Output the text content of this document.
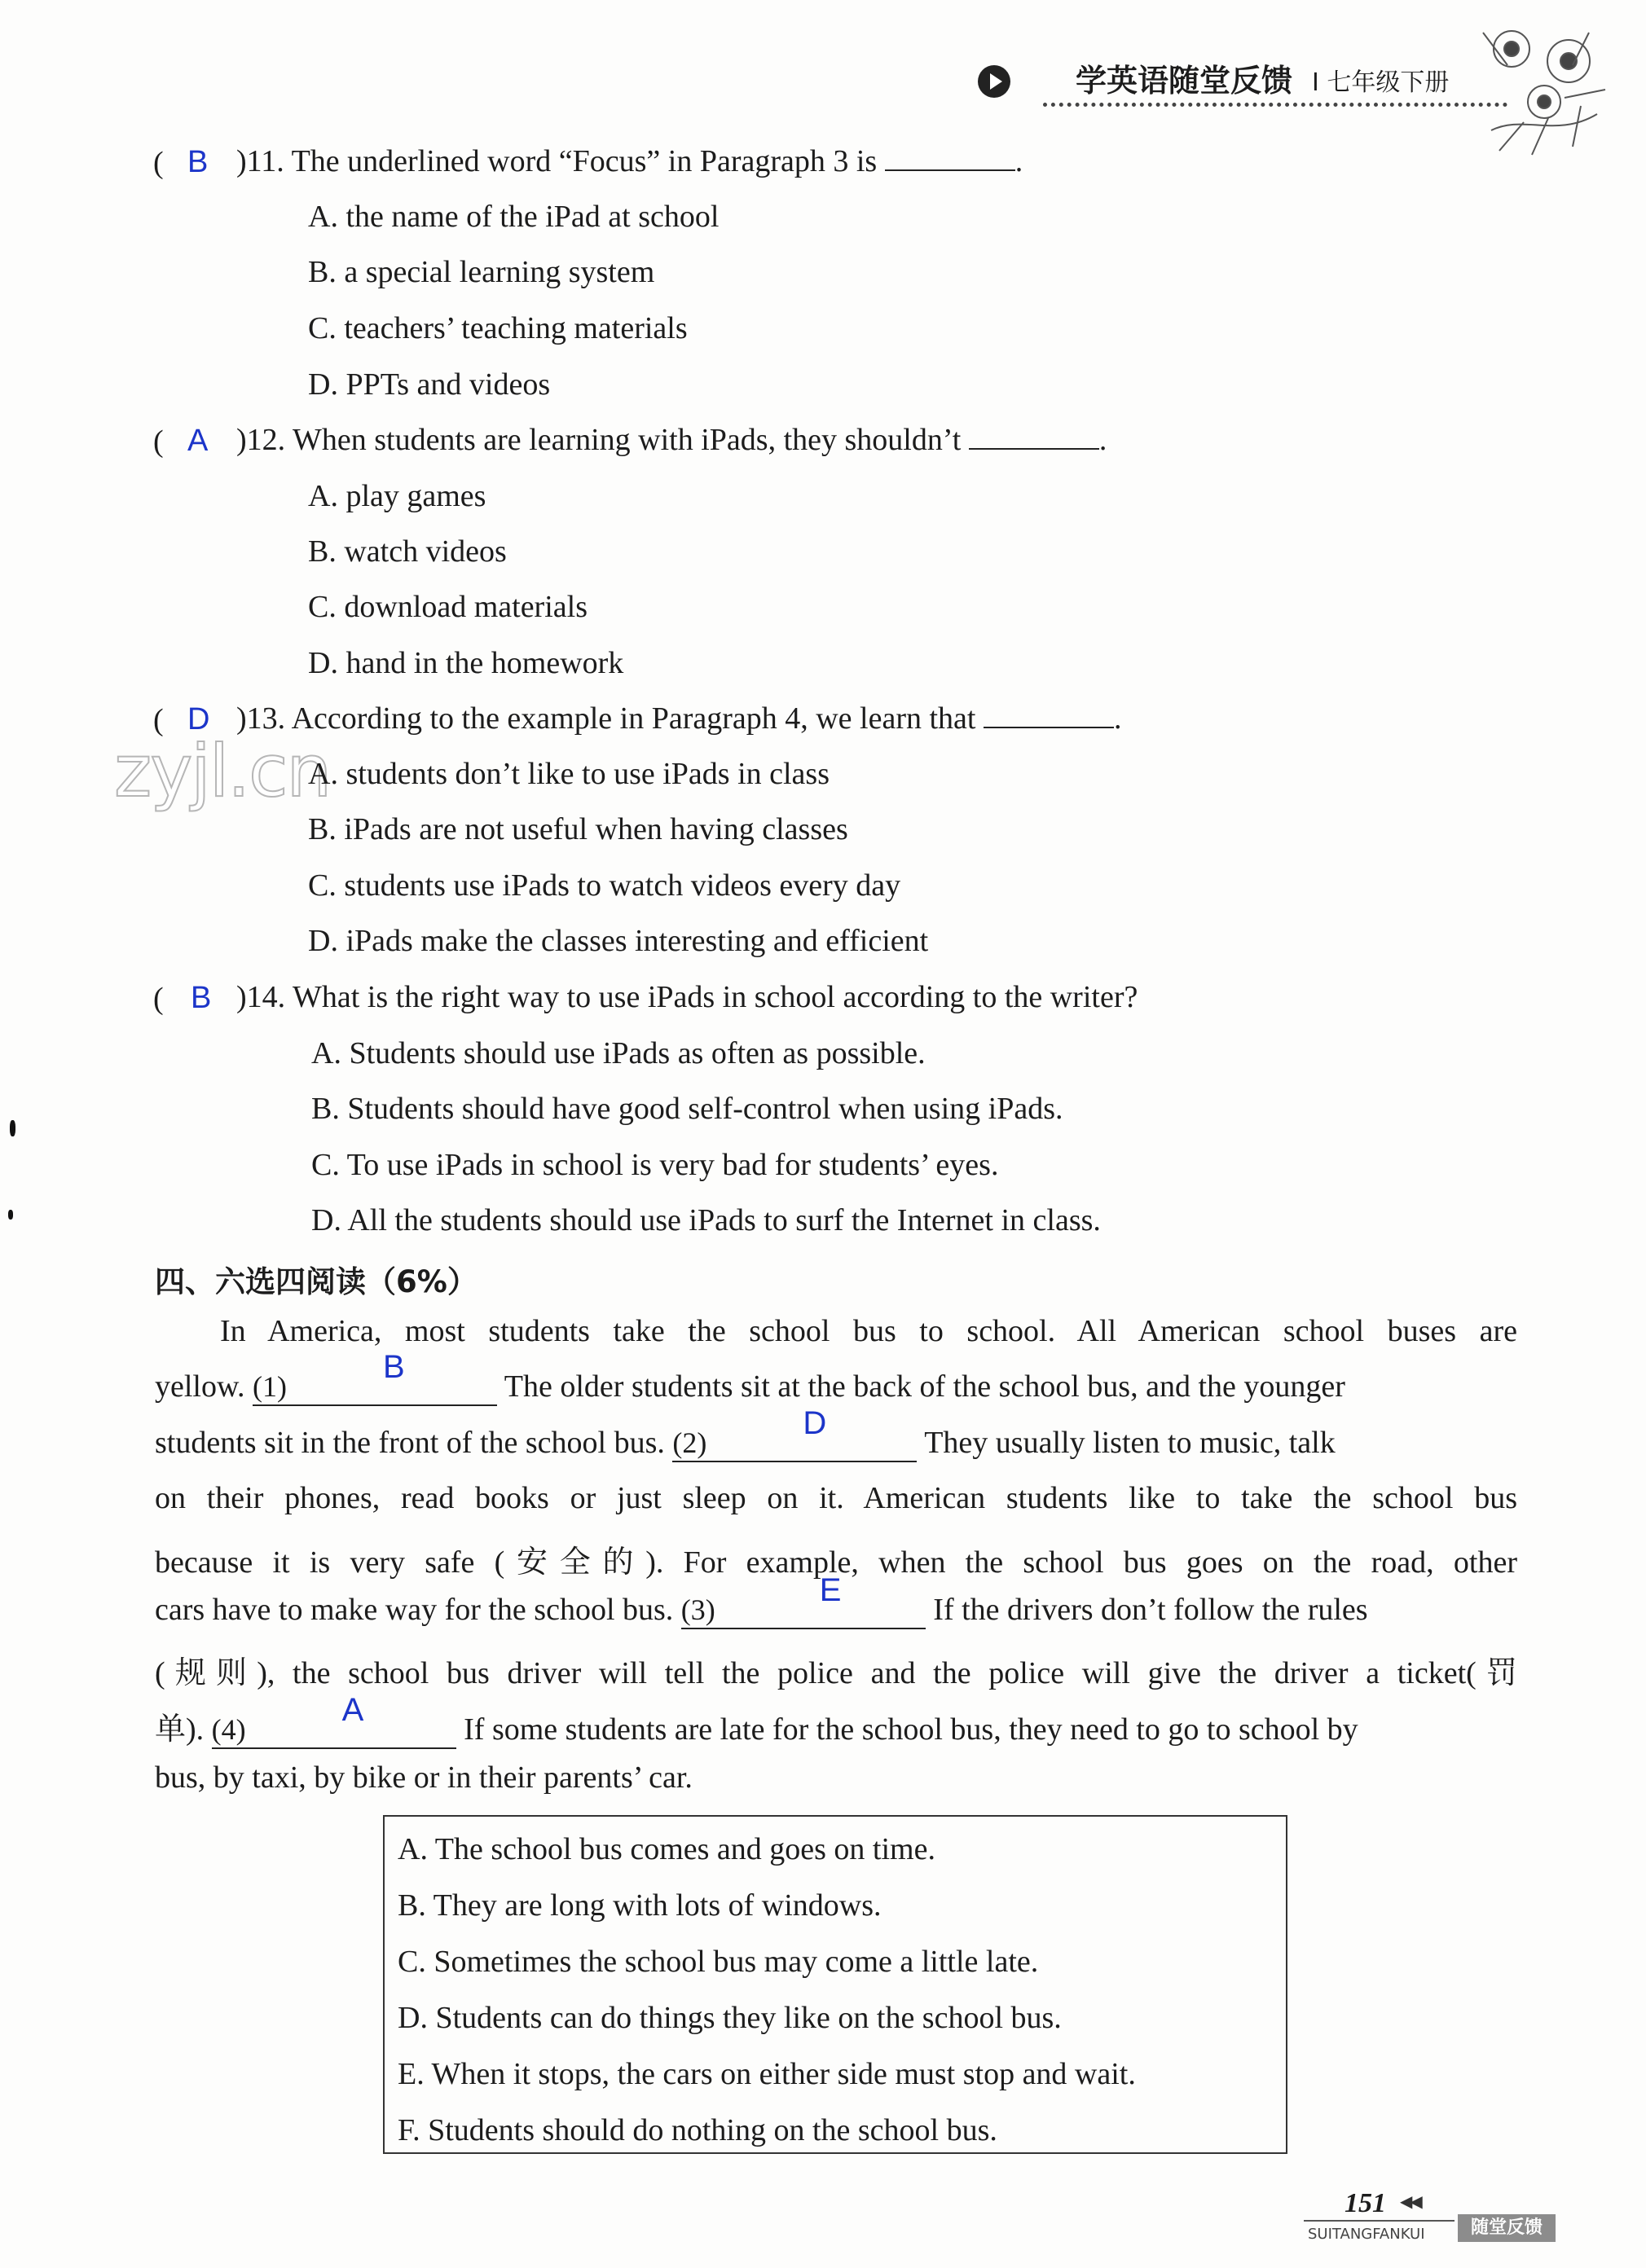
学英语随堂反馈 Ⅰ 七年级下册
( B )11. The underlined word “Focus” in Paragraph 3 is	.
A. the name of the iPad at school
B. a special learning system
C. teachers’ teaching materials
D. PPTs and videos
( A )12. When students are learning with iPads, they shouldn’t	.
A. play games
B. watch videos
C. download materials
D. hand in the homework
zyjl.cn
( D )13. According to the example in Paragraph 4, we learn that	.
A. students don’t like to use iPads in class
B. iPads are not useful when having classes
C. students use iPads to watch videos every day
D. iPads make the classes interesting and efficient
( B )14. What is the right way to use iPads in school according to the writer?
A. Students should use iPads as often as possible.
B. Students should have good self-control when using iPads.
C. To use iPads in school is very bad for students’ eyes.
D. All the students should use iPads to surf the Internet in class.
四、六选四阅读（6%）
In America, most students take the school bus to school. All American school buses are
yellow. (1)
B
The older students sit at the back of the school bus, and the younger
students sit in the front of the school bus. (2)
D
They usually listen to music, talk
on their phones, read books or just sleep on it. American students like to take the school bus
because it is very safe (安全的). For example, when the school bus goes on the road, other
cars have to make way for the school bus. (3)
E
If the drivers don’t follow the rules
(规则), the school bus driver will tell the police and the police will give the driver a ticket(罚
单). (4)
A
If some students are late for the school bus, they need to go to school by
bus, by taxi, by bike or in their parents’ car.
A. The school bus comes and goes on time.
B. They are long with lots of windows.
C. Sometimes the school bus may come a little late.
D. Students can do things they like on the school bus.
E. When it stops, the cars on either side must stop and wait.
F. Students should do nothing on the school bus.
151 ◀◀
SUITANGFANKUI	随堂反馈
